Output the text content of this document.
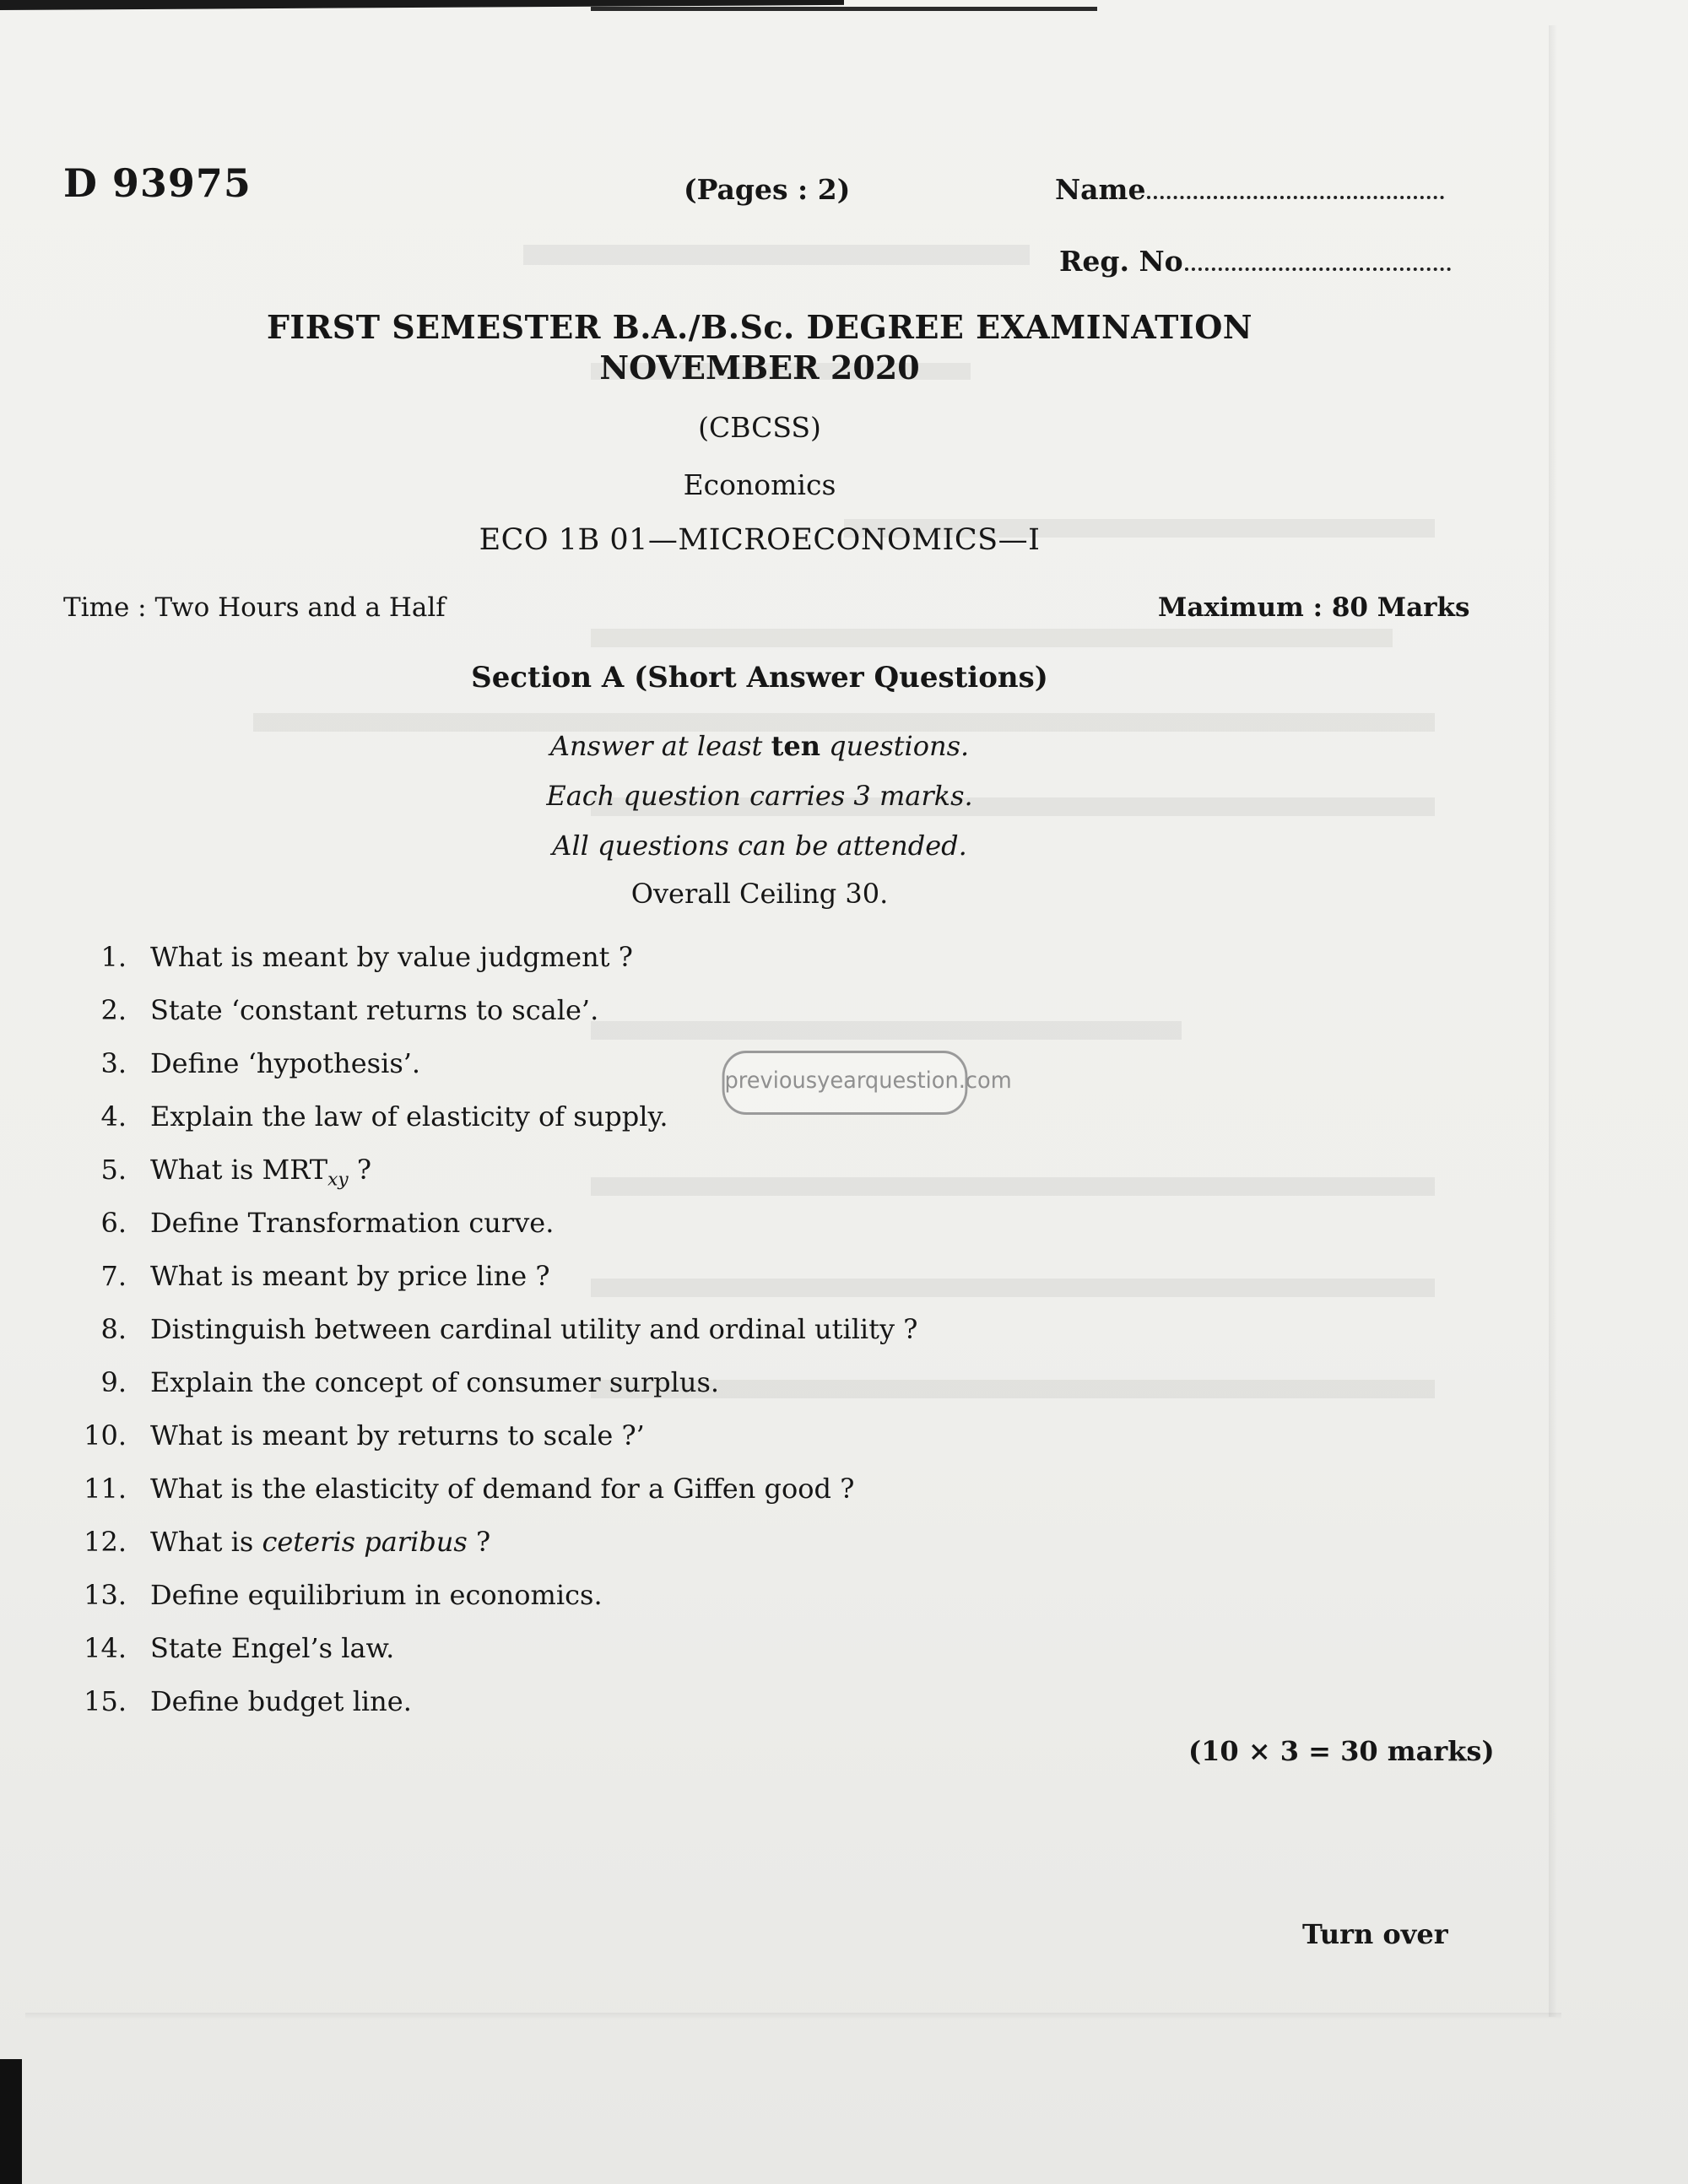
D 93975	(Pages : 2)	Name
Reg. No
FIRST SEMESTER B.A./B.Sc. DEGREE EXAMINATION
NOVEMBER 2020
(CBCSS)
Economics
ECO 1B 01—MICROECONOMICS—I
Time : Two Hours and a Half	Maximum : 80 Marks
Section A (Short Answer Questions)
Answer at least ten questions.
Each question carries 3 marks.
All questions can be attended.
Overall Ceiling 30.
previousyearquestion.com
1. What is meant by value judgment ?
2. State ‘constant returns to scale’.
3. Define ‘hypothesis’.
4. Explain the law of elasticity of supply.
5. What is $MRT_{xy}$ ?
6. Define Transformation curve.
7. What is meant by price line ?
8. Distinguish between cardinal utility and ordinal utility ?
9. Explain the concept of consumer surplus.
10. What is meant by returns to scale ?’
11. What is the elasticity of demand for a Giffen good ?
12. What is ceteris paribus ?
13. Define equilibrium in economics.
14. State Engel’s law.
15. Define budget line.
(10 × 3 = 30 marks)
Turn over
